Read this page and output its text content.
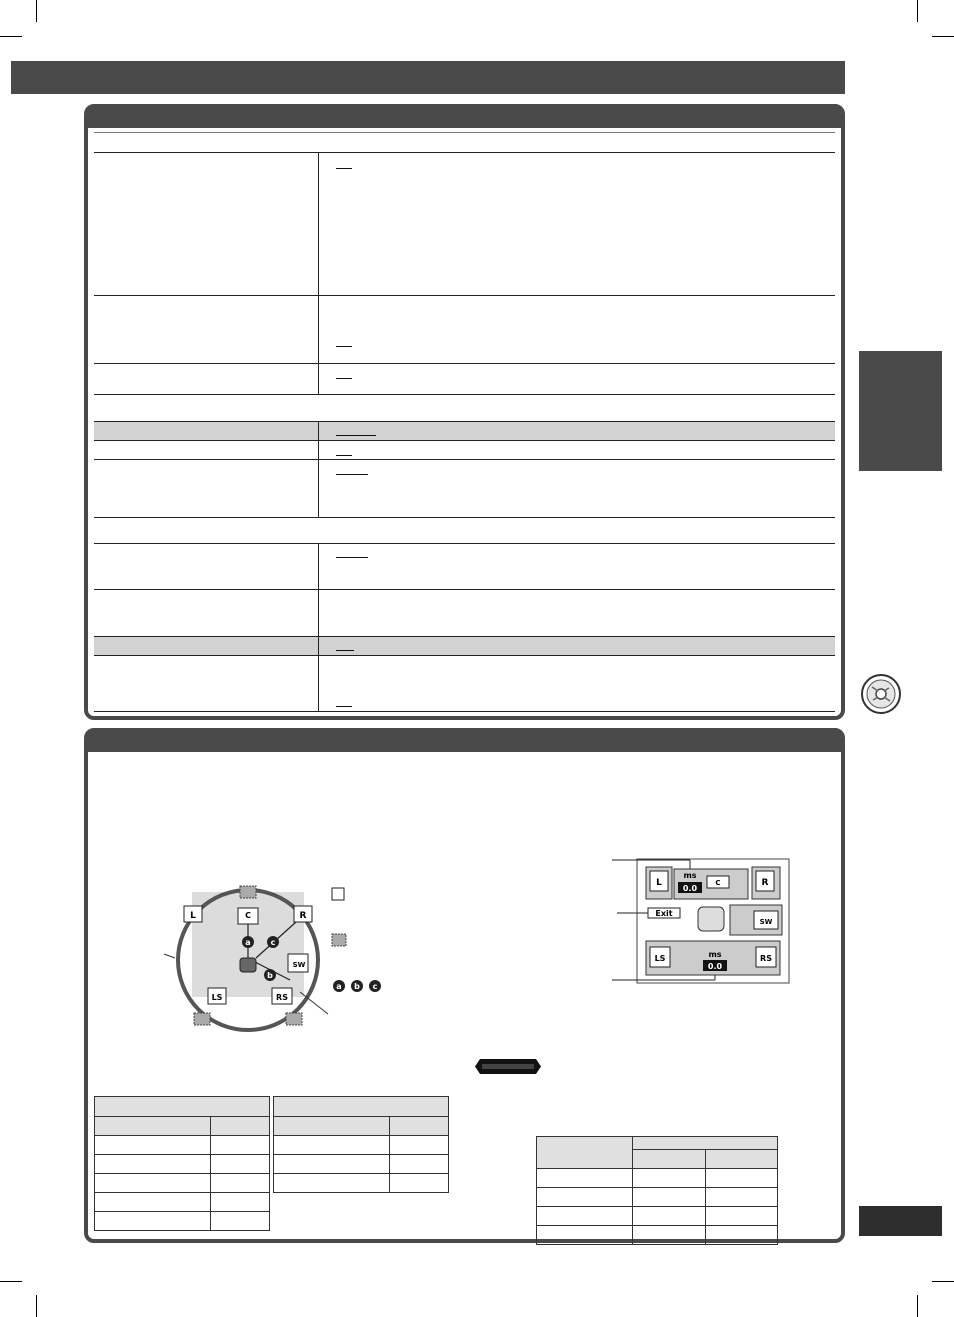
L	C	R
SW
LS	RS
a
b
c
a b c
L
ms
0.0
C	R
Exit
SW
LS	ms
0.0
RS
